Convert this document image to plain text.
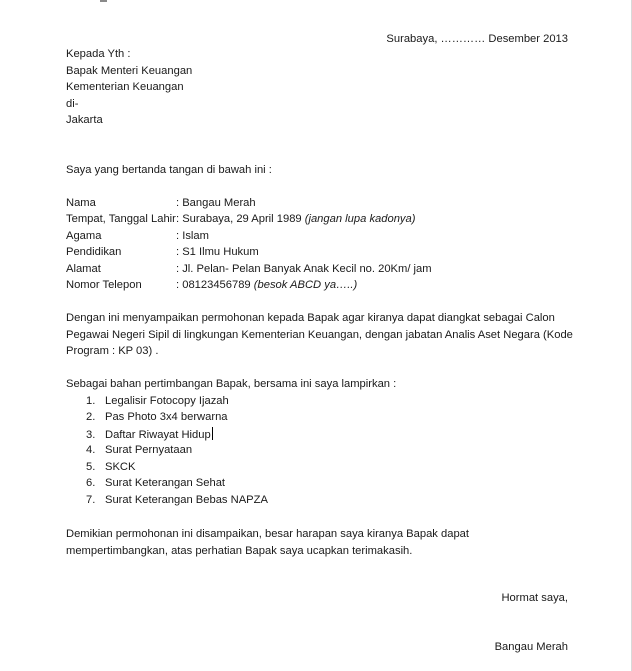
Surabaya, ………… Desember 2013
Kepada Yth :
Bapak Menteri Keuangan
Kementerian Keuangan
di-
Jakarta
Saya yang bertanda tangan di bawah ini :
Nama	: Bangau Merah
Tempat, Tanggal Lahir: Surabaya, 29 April 1989 (jangan lupa kadonya)
Agama	: Islam
Pendidikan	: S1 Ilmu Hukum
Alamat	: Jl. Pelan- Pelan Banyak Anak Kecil no. 20Km/ jam
Nomor Telepon	: 08123456789 (besok ABCD ya…..)
Dengan ini menyampaikan permohonan kepada Bapak agar kiranya dapat diangkat sebagai Calon Pegawai Negeri Sipil di lingkungan Kementerian Keuangan, dengan jabatan Analis Aset Negara (Kode Program : KP 03) .
Sebagai bahan pertimbangan Bapak, bersama ini saya lampirkan :
1. Legalisir Fotocopy Ijazah
2. Pas Photo 3x4 berwarna
3. Daftar Riwayat Hidup
4. Surat Pernyataan
5. SKCK
6. Surat Keterangan Sehat
7. Surat Keterangan Bebas NAPZA
Demikian permohonan ini disampaikan, besar harapan saya kiranya Bapak dapat mempertimbangkan, atas perhatian Bapak saya ucapkan terimakasih.
Hormat saya,
Bangau Merah
